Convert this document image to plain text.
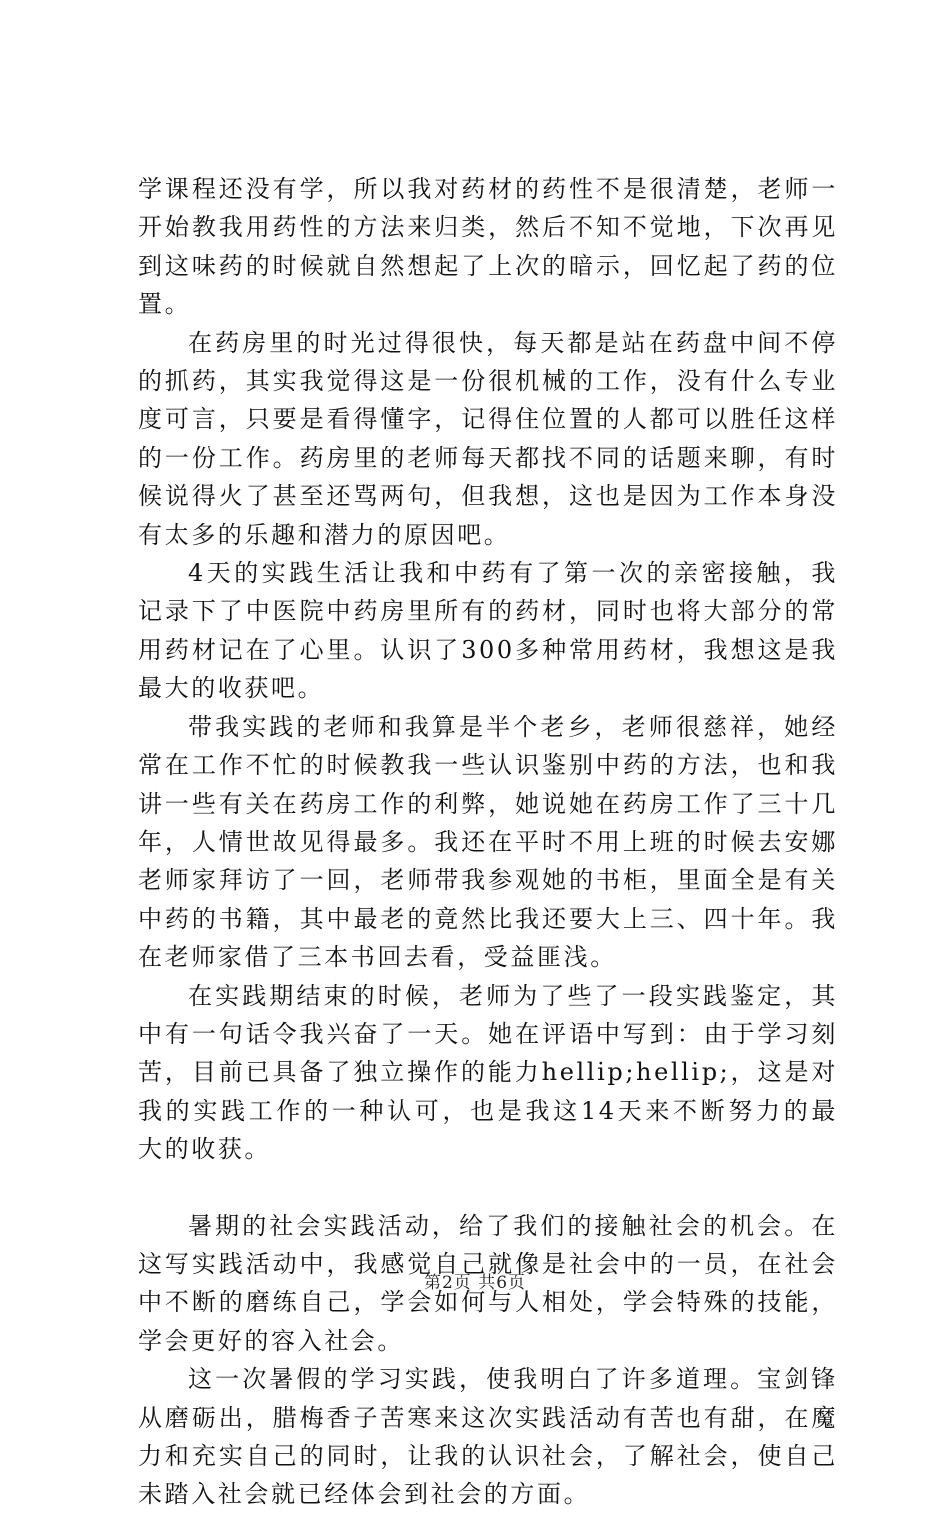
学课程还没有学，所以我对药材的药性不是很清楚，老师一开始教我用药性的方法来归类，然后不知不觉地，下次再见到这味药的时候就自然想起了上次的暗示，回忆起了药的位置。

在药房里的时光过得很快，每天都是站在药盘中间不停的抓药，其实我觉得这是一份很机械的工作，没有什么专业度可言，只要是看得懂字，记得住位置的人都可以胜任这样的一份工作。药房里的老师每天都找不同的话题来聊，有时候说得火了甚至还骂两句，但我想，这也是因为工作本身没有太多的乐趣和潜力的原因吧。

4天的实践生活让我和中药有了第一次的亲密接触，我记录下了中医院中药房里所有的药材，同时也将大部分的常用药材记在了心里。认识了300多种常用药材，我想这是我最大的收获吧。

带我实践的老师和我算是半个老乡，老师很慈祥，她经常在工作不忙的时候教我一些认识鉴别中药的方法，也和我讲一些有关在药房工作的利弊，她说她在药房工作了三十几年，人情世故见得最多。我还在平时不用上班的时候去安娜老师家拜访了一回，老师带我参观她的书柜，里面全是有关中药的书籍，其中最老的竟然比我还要大上三、四十年。我在老师家借了三本书回去看，受益匪浅。

在实践期结束的时候，老师为了些了一段实践鉴定，其中有一句话令我兴奋了一天。她在评语中写到：由于学习刻苦，目前已具备了独立操作的能力hellip;hellip;，这是对我的实践工作的一种认可，也是我这14天来不断努力的最大的收获。

暑期的社会实践活动，给了我们的接触社会的机会。在这写实践活动中，我感觉自己就像是社会中的一员，在社会中不断的磨练自己，学会如何与人相处，学会特殊的技能，学会更好的容入社会。

这一次暑假的学习实践，使我明白了许多道理。宝剑锋从磨砺出，腊梅香子苦寒来这次实践活动有苦也有甜，在魔力和充实自己的同时，让我的认识社会，了解社会，使自己未踏入社会就已经体会到社会的方面。

第2页 共6页
